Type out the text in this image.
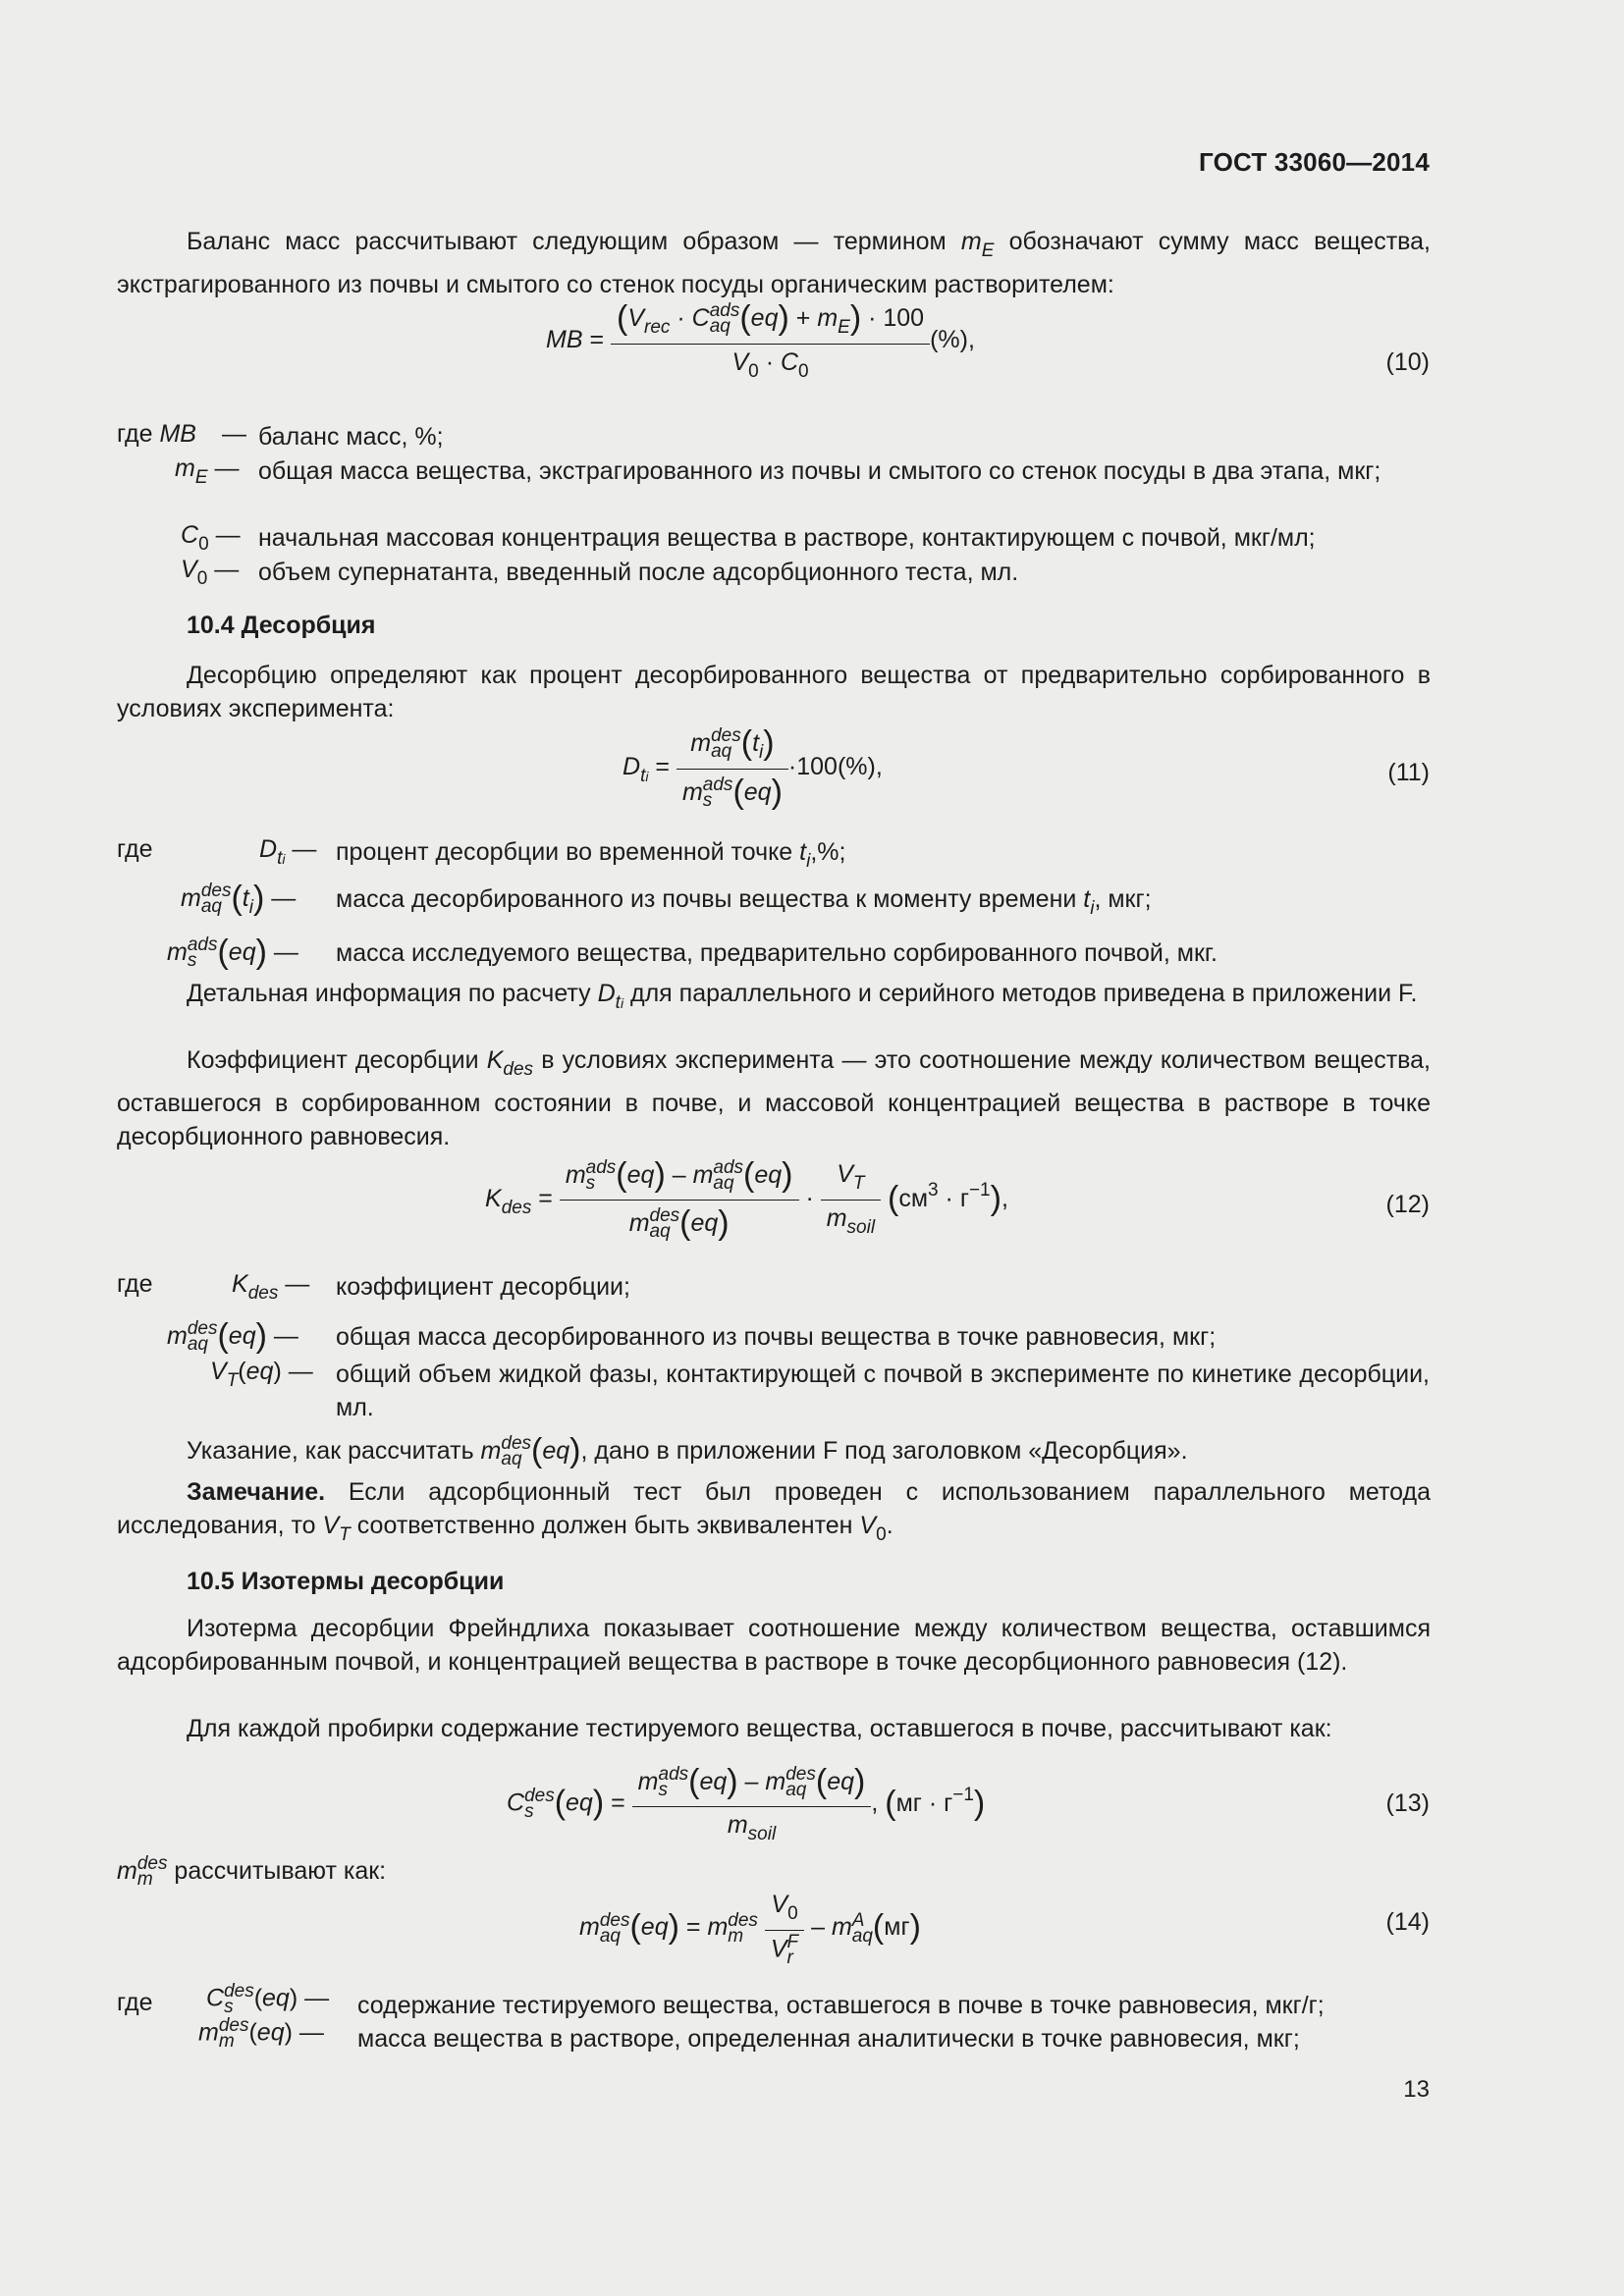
ГОСТ 33060—2014

Баланс масс рассчитывают следующим образом — термином $m_E$ обозначают сумму масс вещества, экстрагированного из почвы и смытого со стенок посуды органическим растворителем:

MB = ($V_{rec} \cdot C$ ads
aq $(eq) + m_E) \cdot 100$
$V_0 \cdot C_0$ (%),
(10)
где MB — баланс масс, %;
$m_E$ — общая масса вещества, экстрагированного из почвы и смытого со стенок посуды в два этапа, мкг;
$C_0$ — начальная массовая концентрация вещества в растворе, контактирующем с почвой, мкг/мл;
$V_0$ — объем супернатанта, введенный после адсорбционного теста, мл.
10.4 Десорбция

Десорбцию определяют как процент десорбированного вещества от предварительно сорбированного в условиях эксперимента:

$D_{ti} = m$ des
aq $(t_i)$
m ads
s (eq) ·100(%),	(11)
где	$D_{ti}$ — процент десорбции во временной точке $t_i,\%$;
m des
aq $(t_i)$ — масса десорбированного из почвы вещества к моменту времени $t_i$, мкг;
m ads
s (eq) — масса исследуемого вещества, предварительно сорбированного почвой, мкг.

Детальная информация по расчету $D_{ti}$ для параллельного и серийного методов приведена в приложении F.

Коэффициент десорбции $K_{des}$ в условиях эксперимента — это соотношение между количеством вещества, оставшегося в сорбированном состоянии в почве, и массовой концентрацией вещества в растворе в точке десорбционного равновесия.

$K_{des} = m$ ads
s (eq) – m ads
aq (eq)
m des
aq $(eq) \cdot \frac{V_T}{m_{soil}} (см^3 \cdot г^{-1})$,	(12)
где	$K_{des}$ — коэффициент десорбции;
m des
aq (eq) — общая масса десорбированного из почвы вещества в точке равновесия, мкг;
$V_T(eq)$ — общий объем жидкой фазы, контактирующей с почвой в эксперименте по кинетике десорбции, мл.
Указание, как рассчитать m des
aq (eq), дано в приложении F под заголовком «Десорбция».

Замечание. Если адсорбционный тест был проведен с использованием параллельного метода исследования, то $V_T$ соответственно должен быть эквивалентен $V_0$.

10.5 Изотермы десорбции

Изотерма десорбции Фрейндлиха показывает соотношение между количеством вещества, оставшимся адсорбированным почвой, и концентрацией вещества в растворе в точке десорбционного равновесия (12).

Для каждой пробирки содержание тестируемого вещества, оставшегося в почве, рассчитывают как:

C des
s (eq) = m ads
s (eq) – m des
aq (eq)
$m_{soil}$ , $(мг \cdot г^{-1})$	(13)
m des
m рассчитывают как:
m des
aq (eq) = m des
m
$V_0$
V F
r – m A
aq (мг)	(14)
где C des
s (eq) — содержание тестируемого вещества, оставшегося в почве в точке равновесия, мкг/г;
m des
m (eq) — масса вещества в растворе, определенная аналитически в точке равновесия, мкг;
13
